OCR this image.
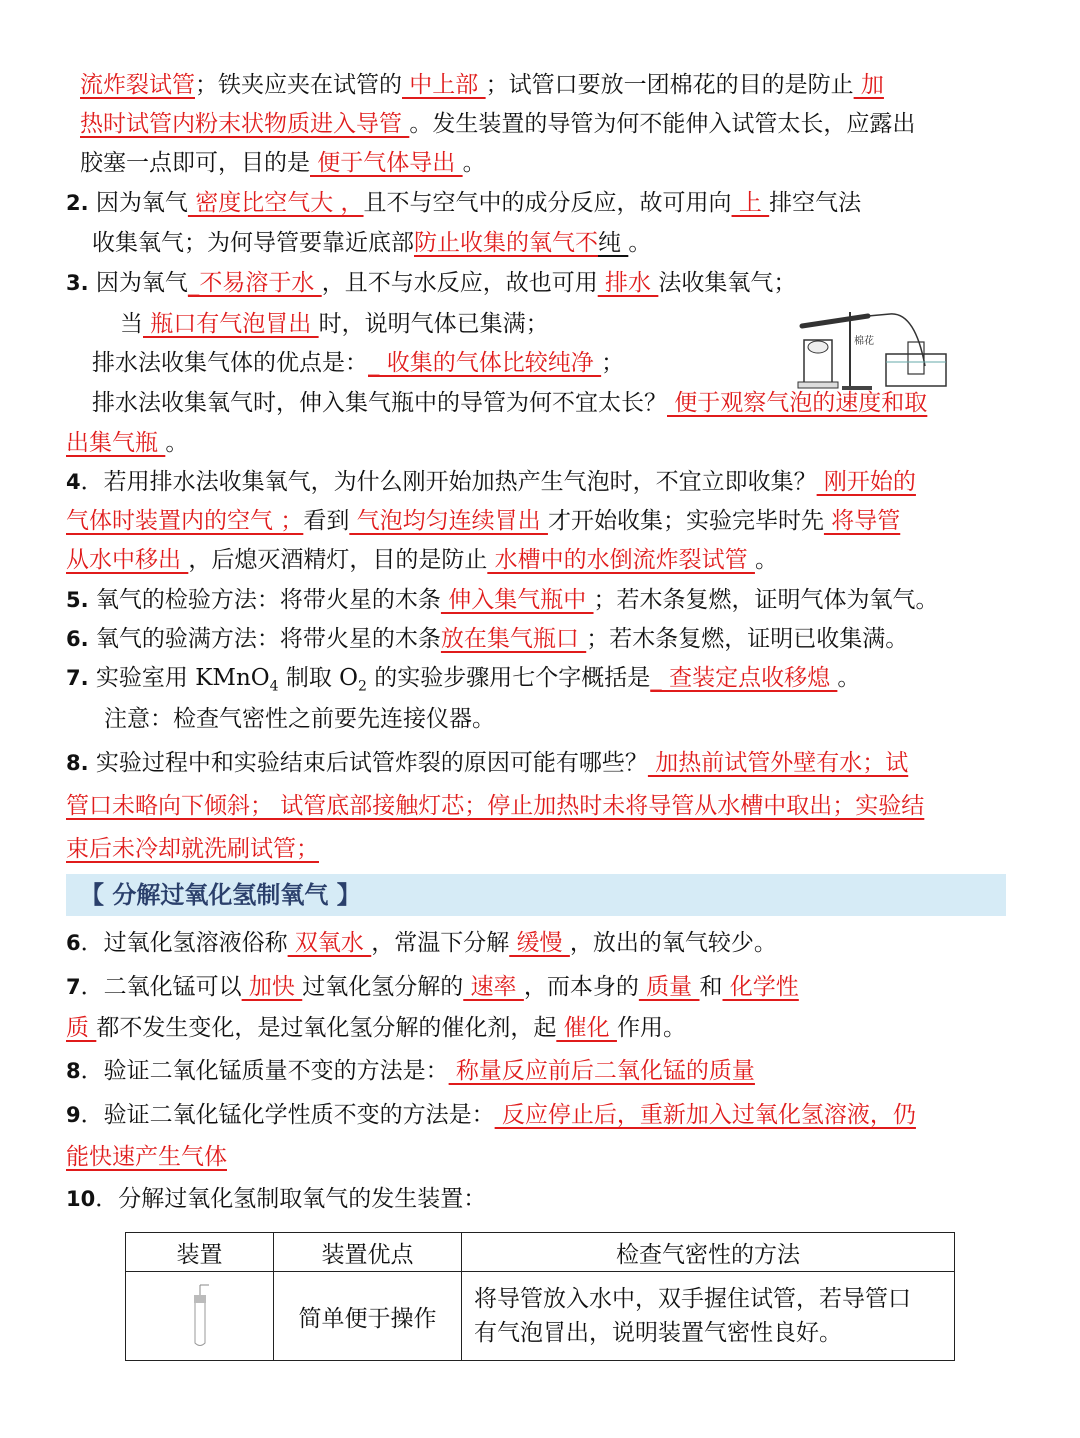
流炸裂试管；铁夹应夹在试管的 中上部 ；试管口要放一团棉花的目的是防止 加
热时试管内粉末状物质进入导管 。发生装置的导管为何不能伸入试管太长，应露出
胶塞一点即可，目的是 便于气体导出 。
2. 因为氧气 密度比空气大 ，且不与空气中的成分反应，故可用向 上 排空气法
收集氧气；为何导管要靠近底部防止收集的氧气不纯 。
3. 因为氧气_不易溶于水 ，且不与水反应，故也可用 排水 法收集氧气；
当 瓶口有气泡冒出 时，说明气体已集满；
排水法收集气体的优点是：_ 收集的气体比较纯净 ；
棉花
排水法收集氧气时，伸入集气瓶中的导管为何不宜太长？ 便于观察气泡的速度和取
出集气瓶 。
4．若用排水法收集氧气，为什么刚开始加热产生气泡时，不宜立即收集？ 刚开始的
气体时装置内的空气 ；看到 气泡均匀连续冒出 才开始收集；实验完毕时先 将导管
从水中移出 ，后熄灭酒精灯，目的是防止 水槽中的水倒流炸裂试管 。
5. 氧气的检验方法：将带火星的木条 伸入集气瓶中 ；若木条复燃，证明气体为氧气。
6. 氧气的验满方法：将带火星的木条放在集气瓶口 ；若木条复燃，证明已收集满。
7. 实验室用 KMnO$_4$ 制取 $O_2$ 的实验步骤用七个字概括是_ 查装定点收移熄 。
注意：检查气密性之前要先连接仪器。
8. 实验过程中和实验结束后试管炸裂的原因可能有哪些？ 加热前试管外壁有水；试
管口未略向下倾斜； 试管底部接触灯芯；停止加热时未将导管从水槽中取出；实验结
束后未冷却就洗刷试管；
【 分解过氧化氢制氧气 】
6．过氧化氢溶液俗称 双氧水 ，常温下分解 缓慢 ，放出的氧气较少。
7．二氧化锰可以 加快 过氧化氢分解的 速率 ，而本身的 质量 和 化学性
质 都不发生变化，是过氧化氢分解的催化剂，起 催化 作用。
8．验证二氧化锰质量不变的方法是： 称量反应前后二氧化锰的质量
9．验证二氧化锰化学性质不变的方法是： 反应停止后，重新加入过氧化氢溶液，仍
能快速产生气体
10．分解过氧化氢制取氧气的发生装置：
装置	装置优点	检查气密性的方法

	简单便于操作	将导管放入水中，双手握住试管，若导管口
有气泡冒出，说明装置气密性良好。
